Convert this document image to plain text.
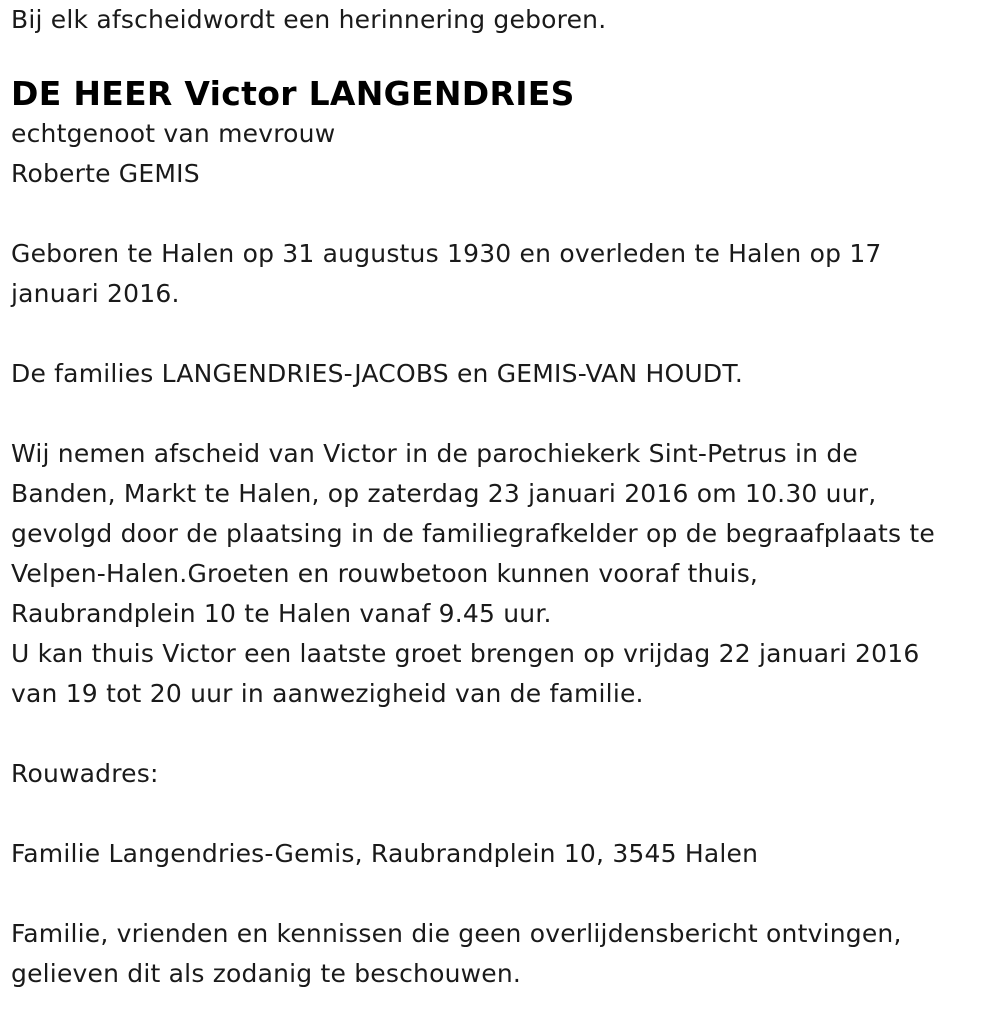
Bij elk afscheidwordt een herinnering geboren.

DE HEER Victor LANGENDRIES

echtgenoot van mevrouw

Roberte GEMIS

Geboren te Halen op 31 augustus 1930 en overleden te Halen op 17

januari 2016.

De families LANGENDRIES-JACOBS en GEMIS-VAN HOUDT.

Wij nemen afscheid van Victor in de parochiekerk Sint-Petrus in de

Banden, Markt te Halen, op zaterdag 23 januari 2016 om 10.30 uur,

gevolgd door de plaatsing in de familiegrafkelder op de begraafplaats te

Velpen-Halen.Groeten en rouwbetoon kunnen vooraf thuis,

Raubrandplein 10 te Halen vanaf 9.45 uur.

U kan thuis Victor een laatste groet brengen op vrijdag 22 januari 2016

van 19 tot 20 uur in aanwezigheid van de familie.

Rouwadres:

Familie Langendries-Gemis, Raubrandplein 10, 3545 Halen

Familie, vrienden en kennissen die geen overlijdensbericht ontvingen,

gelieven dit als zodanig te beschouwen.
